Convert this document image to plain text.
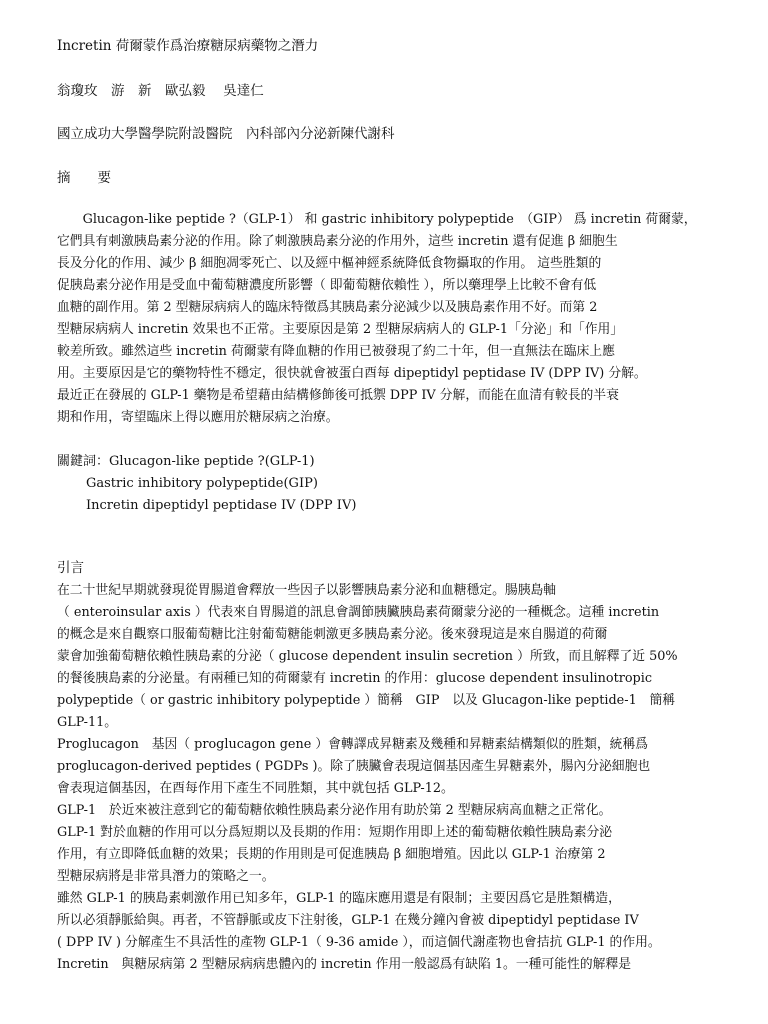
Incretin 荷爾蒙作爲治療糖尿病藥物之潛力
翁瓊玫　游　新　歐弘毅　 吳達仁
國立成功大學醫學院附設醫院　內科部內分泌新陳代謝科
摘　　要
　　Glucagon-like peptide ?（GLP-1） 和 gastric inhibitory polypeptide　（GIP） 爲 incretin 荷爾蒙，
它們具有刺激胰島素分泌的作用。除了刺激胰島素分泌的作用外，這些 incretin 還有促進 β 細胞生
長及分化的作用、減少 β 細胞凋零死亡、以及經中樞神經系統降低食物攝取的作用。 這些胜類的
促胰島素分泌作用是受血中葡萄糖濃度所影響（ 即葡萄糖依賴性 ），所以藥理學上比較不會有低
血糖的副作用。第 2 型糖尿病病人的臨床特徵爲其胰島素分泌減少以及胰島素作用不好。而第 2
型糖尿病病人 incretin 效果也不正常。主要原因是第 2 型糖尿病病人的 GLP-1「分泌」和「作用」
較差所致。雖然這些 incretin 荷爾蒙有降血糖的作用已被發現了約二十年，但一直無法在臨床上應
用。主要原因是它的藥物特性不穩定，很快就會被蛋白酉每 dipeptidyl peptidase IV (DPP IV) 分解。
最近正在發展的 GLP-1 藥物是希望藉由結構修飾後可抵禦 DPP IV 分解，而能在血清有較長的半衰
期和作用，寄望臨床上得以應用於糖尿病之治療。
關鍵詞：Glucagon-like peptide ?(GLP-1)
Gastric inhibitory polypeptide(GIP)
Incretin dipeptidyl peptidase IV (DPP IV)
引言
在二十世紀早期就發現從胃腸道會釋放一些因子以影響胰島素分泌和血糖穩定。腸胰島軸
（ enteroinsular axis ）代表來自胃腸道的訊息會調節胰臟胰島素荷爾蒙分泌的一種概念。這種 incretin
的概念是來自觀察口服葡萄糖比注射葡萄糖能刺激更多胰島素分泌。後來發現這是來自腸道的荷爾
蒙會加強葡萄糖依賴性胰島素的分泌（ glucose dependent insulin secretion ）所致，而且解釋了近 50%
的餐後胰島素的分泌量。有兩種已知的荷爾蒙有 incretin 的作用：glucose dependent insulinotropic
polypeptide（ or gastric inhibitory polypeptide ）簡稱　GIP　以及 Glucagon-like peptide-1　簡稱
GLP-11。
Proglucagon　基因（ proglucagon gene ）會轉譯成昇糖素及幾種和昇糖素結構類似的胜類，統稱爲
proglucagon-derived peptides ( PGDPs )。除了胰臟會表現這個基因產生昇糖素外，腸內分泌細胞也
會表現這個基因，在酉每作用下產生不同胜類，其中就包括 GLP-12。
GLP-1　於近來被注意到它的葡萄糖依賴性胰島素分泌作用有助於第 2 型糖尿病高血糖之正常化。
GLP-1 對於血糖的作用可以分爲短期以及長期的作用：短期作用即上述的葡萄糖依賴性胰島素分泌
作用，有立即降低血糖的效果；長期的作用則是可促進胰島 β 細胞增殖。因此以 GLP-1 治療第 2
型糖尿病將是非常具潛力的策略之一。
雖然 GLP-1 的胰島素刺激作用已知多年，GLP-1 的臨床應用還是有限制；主要因爲它是胜類構造，
所以必須靜脈給與。再者，不管靜脈或皮下注射後，GLP-1 在幾分鐘內會被 dipeptidyl peptidase IV
( DPP IV ) 分解產生不具活性的產物 GLP-1（ 9-36 amide ），而這個代謝產物也會拮抗 GLP-1 的作用。
Incretin　與糖尿病第 2 型糖尿病病患體內的 incretin 作用一般認爲有缺陷 1。一種可能性的解釋是
